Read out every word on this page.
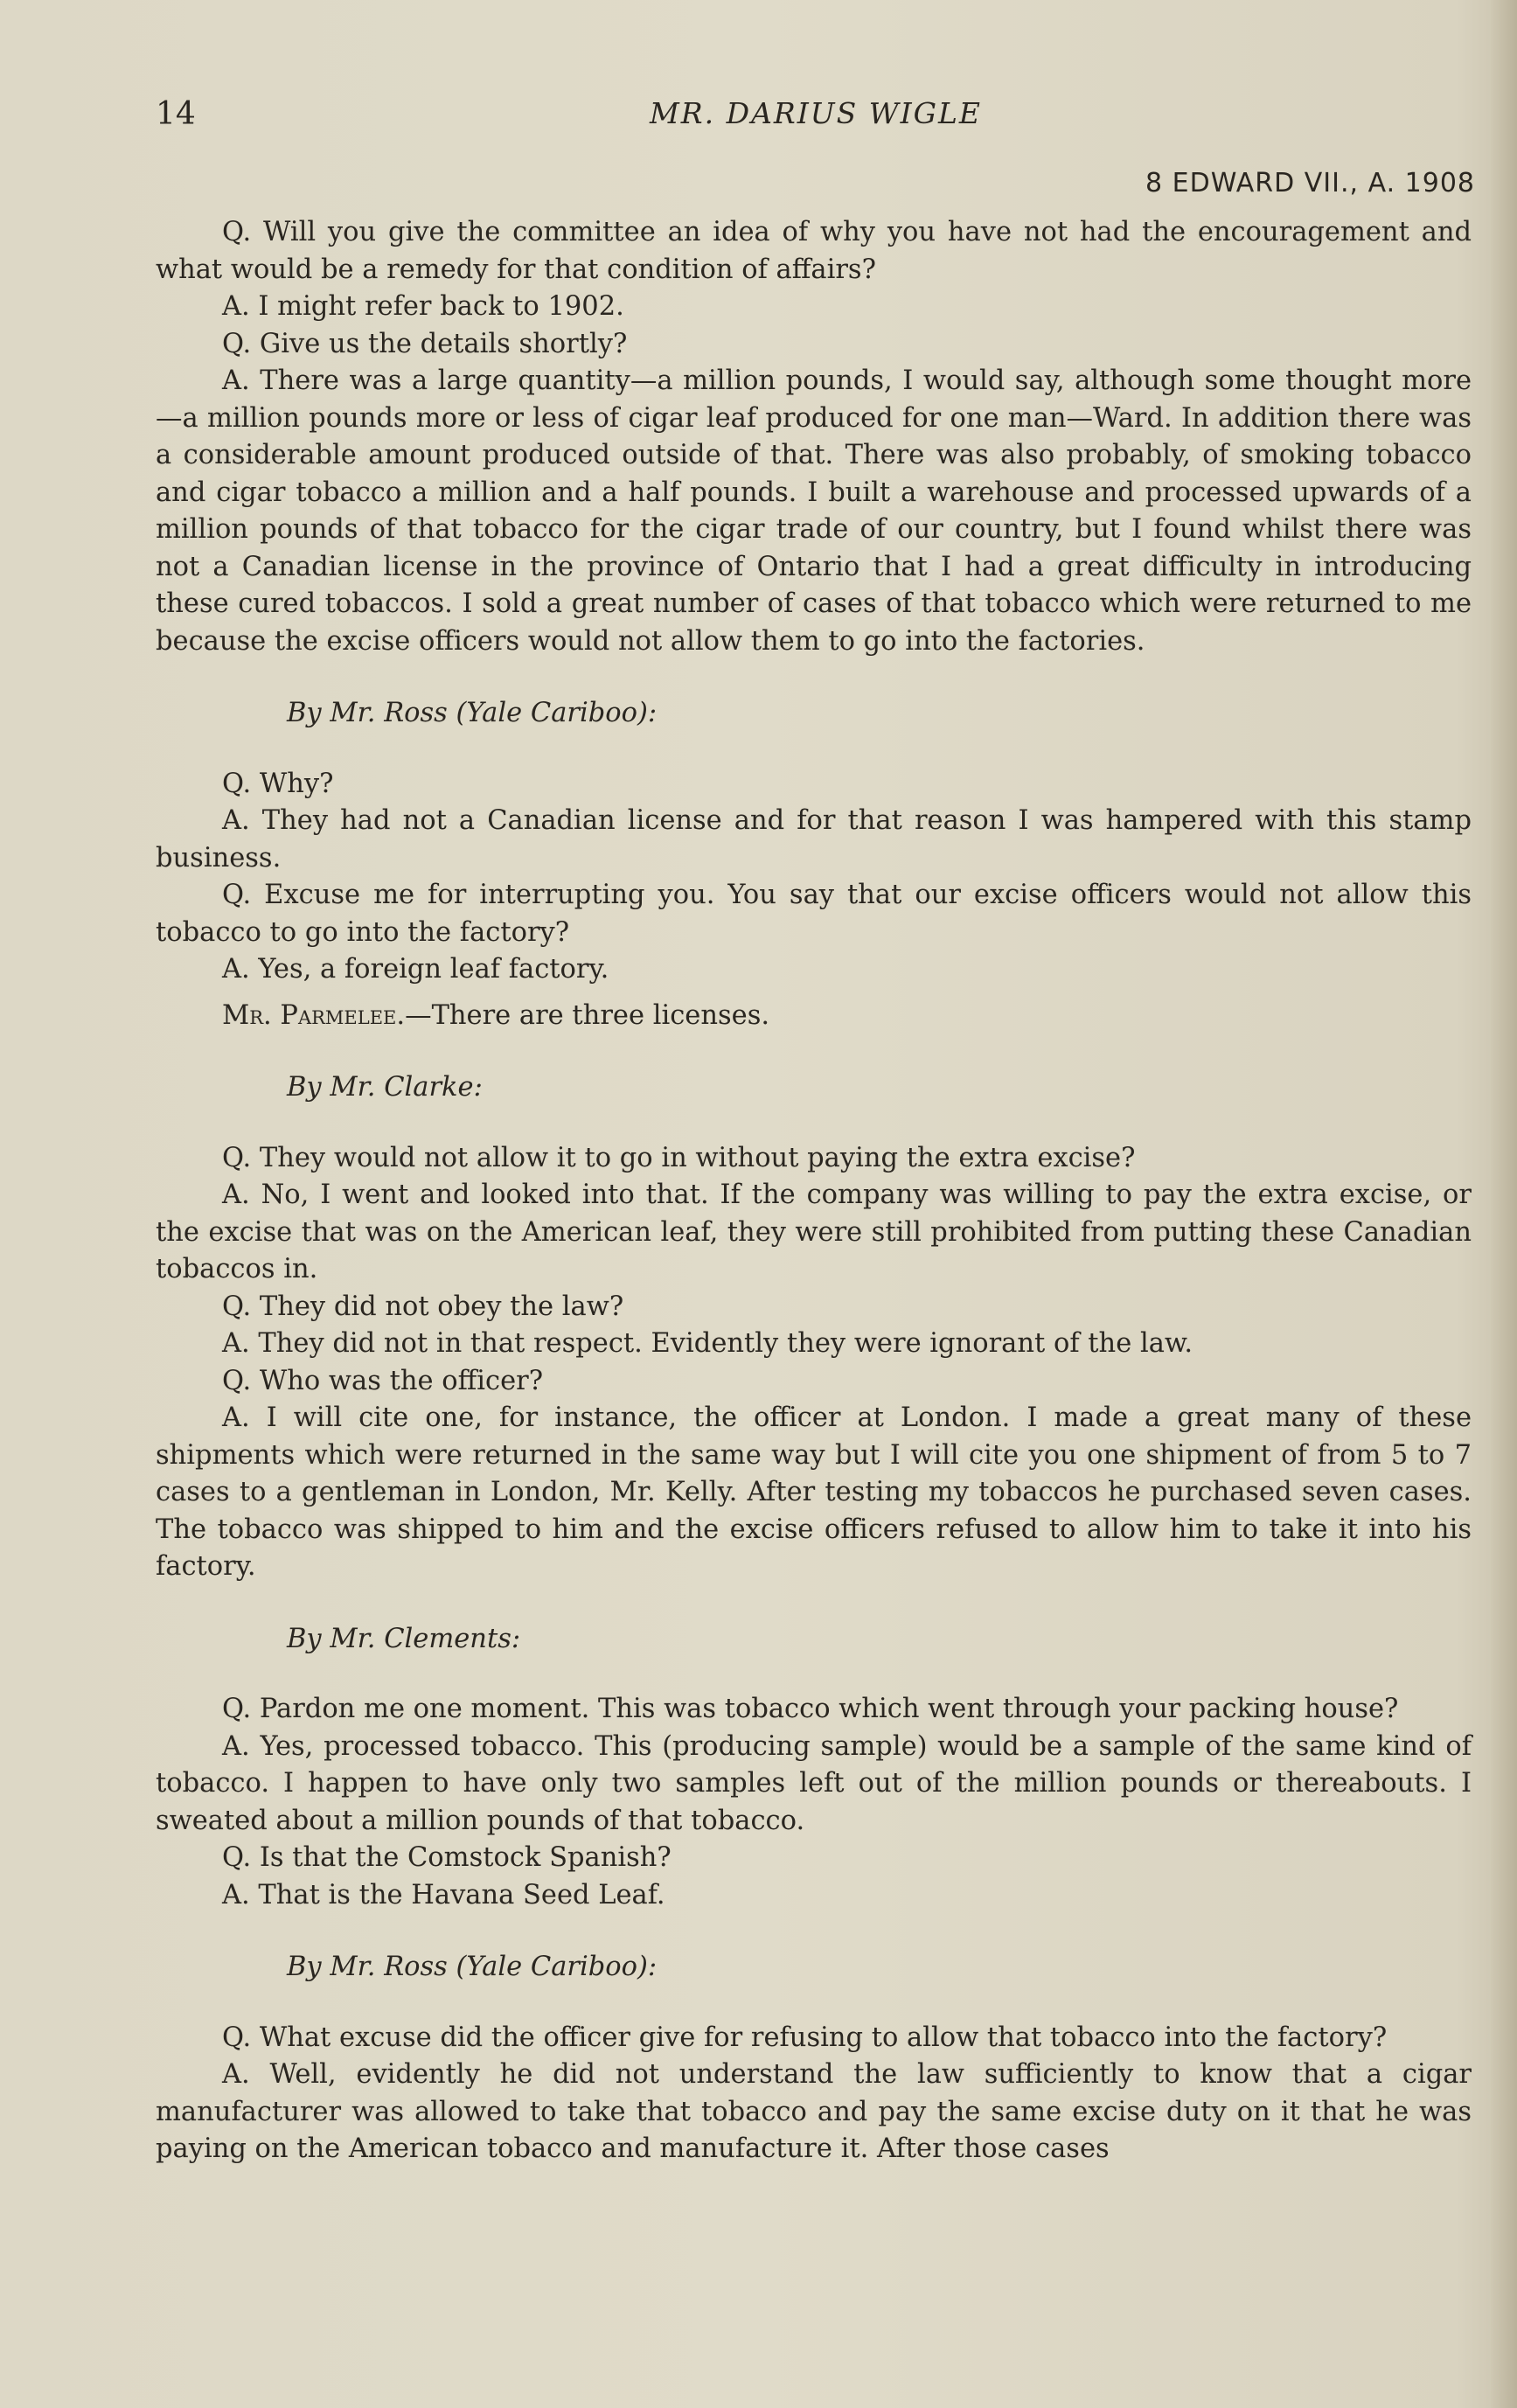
14	MR. DARIUS WIGLE
8 EDWARD VII., A. 1908

Q. Will you give the committee an idea of why you have not had the encouragement and what would be a remedy for that condition of affairs?

A. I might refer back to 1902.

Q. Give us the details shortly?

A. There was a large quantity—a million pounds, I would say, although some thought more—a million pounds more or less of cigar leaf produced for one man—Ward. In addition there was a considerable amount produced outside of that. There was also probably, of smoking tobacco and cigar tobacco a million and a half pounds. I built a warehouse and processed upwards of a million pounds of that tobacco for the cigar trade of our country, but I found whilst there was not a Canadian license in the province of Ontario that I had a great difficulty in introducing these cured tobaccos. I sold a great number of cases of that tobacco which were returned to me because the excise officers would not allow them to go into the factories.

By Mr. Ross (Yale Cariboo):

Q. Why?

A. They had not a Canadian license and for that reason I was hampered with this stamp business.

Q. Excuse me for interrupting you. You say that our excise officers would not allow this tobacco to go into the factory?

A. Yes, a foreign leaf factory.

Mr. Parmelee.—There are three licenses.

By Mr. Clarke:

Q. They would not allow it to go in without paying the extra excise?

A. No, I went and looked into that. If the company was willing to pay the extra excise, or the excise that was on the American leaf, they were still prohibited from putting these Canadian tobaccos in.

Q. They did not obey the law?

A. They did not in that respect. Evidently they were ignorant of the law.

Q. Who was the officer?

A. I will cite one, for instance, the officer at London. I made a great many of these shipments which were returned in the same way but I will cite you one shipment of from 5 to 7 cases to a gentleman in London, Mr. Kelly. After testing my tobaccos he purchased seven cases. The tobacco was shipped to him and the excise officers refused to allow him to take it into his factory.

By Mr. Clements:

Q. Pardon me one moment. This was tobacco which went through your packing house?

A. Yes, processed tobacco. This (producing sample) would be a sample of the same kind of tobacco. I happen to have only two samples left out of the million pounds or thereabouts. I sweated about a million pounds of that tobacco.

Q. Is that the Comstock Spanish?

A. That is the Havana Seed Leaf.

By Mr. Ross (Yale Cariboo):

Q. What excuse did the officer give for refusing to allow that tobacco into the factory?

A. Well, evidently he did not understand the law sufficiently to know that a cigar manufacturer was allowed to take that tobacco and pay the same excise duty on it that he was paying on the American tobacco and manufacture it. After those cases
